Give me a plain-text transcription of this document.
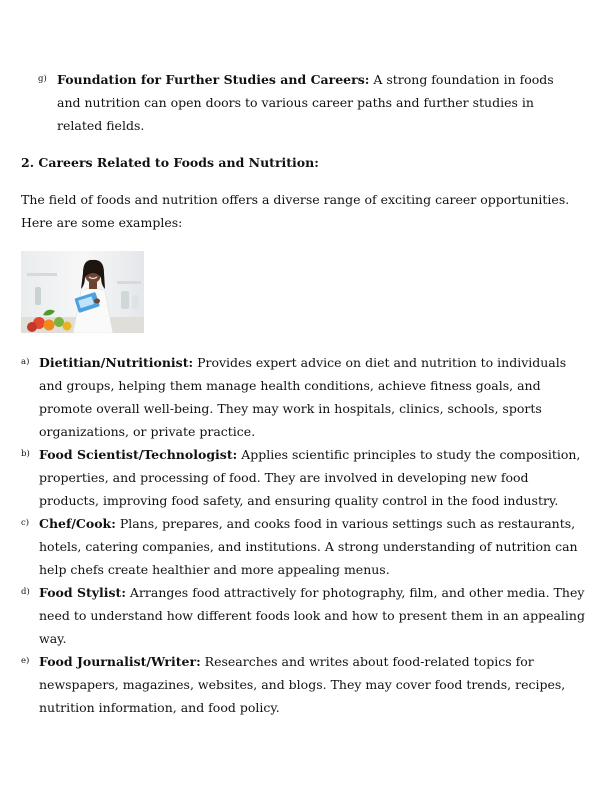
g) Foundation for Further Studies and Careers: A strong foundation in foods and nutrition can open doors to various career paths and further studies in related fields.
2. Careers Related to Foods and Nutrition:
The field of foods and nutrition offers a diverse range of exciting career opportunities. Here are some examples:
a) Dietitian/Nutritionist: Provides expert advice on diet and nutrition to individuals and groups, helping them manage health conditions, achieve fitness goals, and promote overall well-being. They may work in hospitals, clinics, schools, sports organizations, or private practice.
b) Food Scientist/Technologist: Applies scientific principles to study the composition, properties, and processing of food. They are involved in developing new food products, improving food safety, and ensuring quality control in the food industry.
c) Chef/Cook: Plans, prepares, and cooks food in various settings such as restaurants, hotels, catering companies, and institutions. A strong understanding of nutrition can help chefs create healthier and more appealing menus.
d) Food Stylist: Arranges food attractively for photography, film, and other media. They need to understand how different foods look and how to present them in an appealing way.
e) Food Journalist/Writer: Researches and writes about food-related topics for newspapers, magazines, websites, and blogs. They may cover food trends, recipes, nutrition information, and food policy.
